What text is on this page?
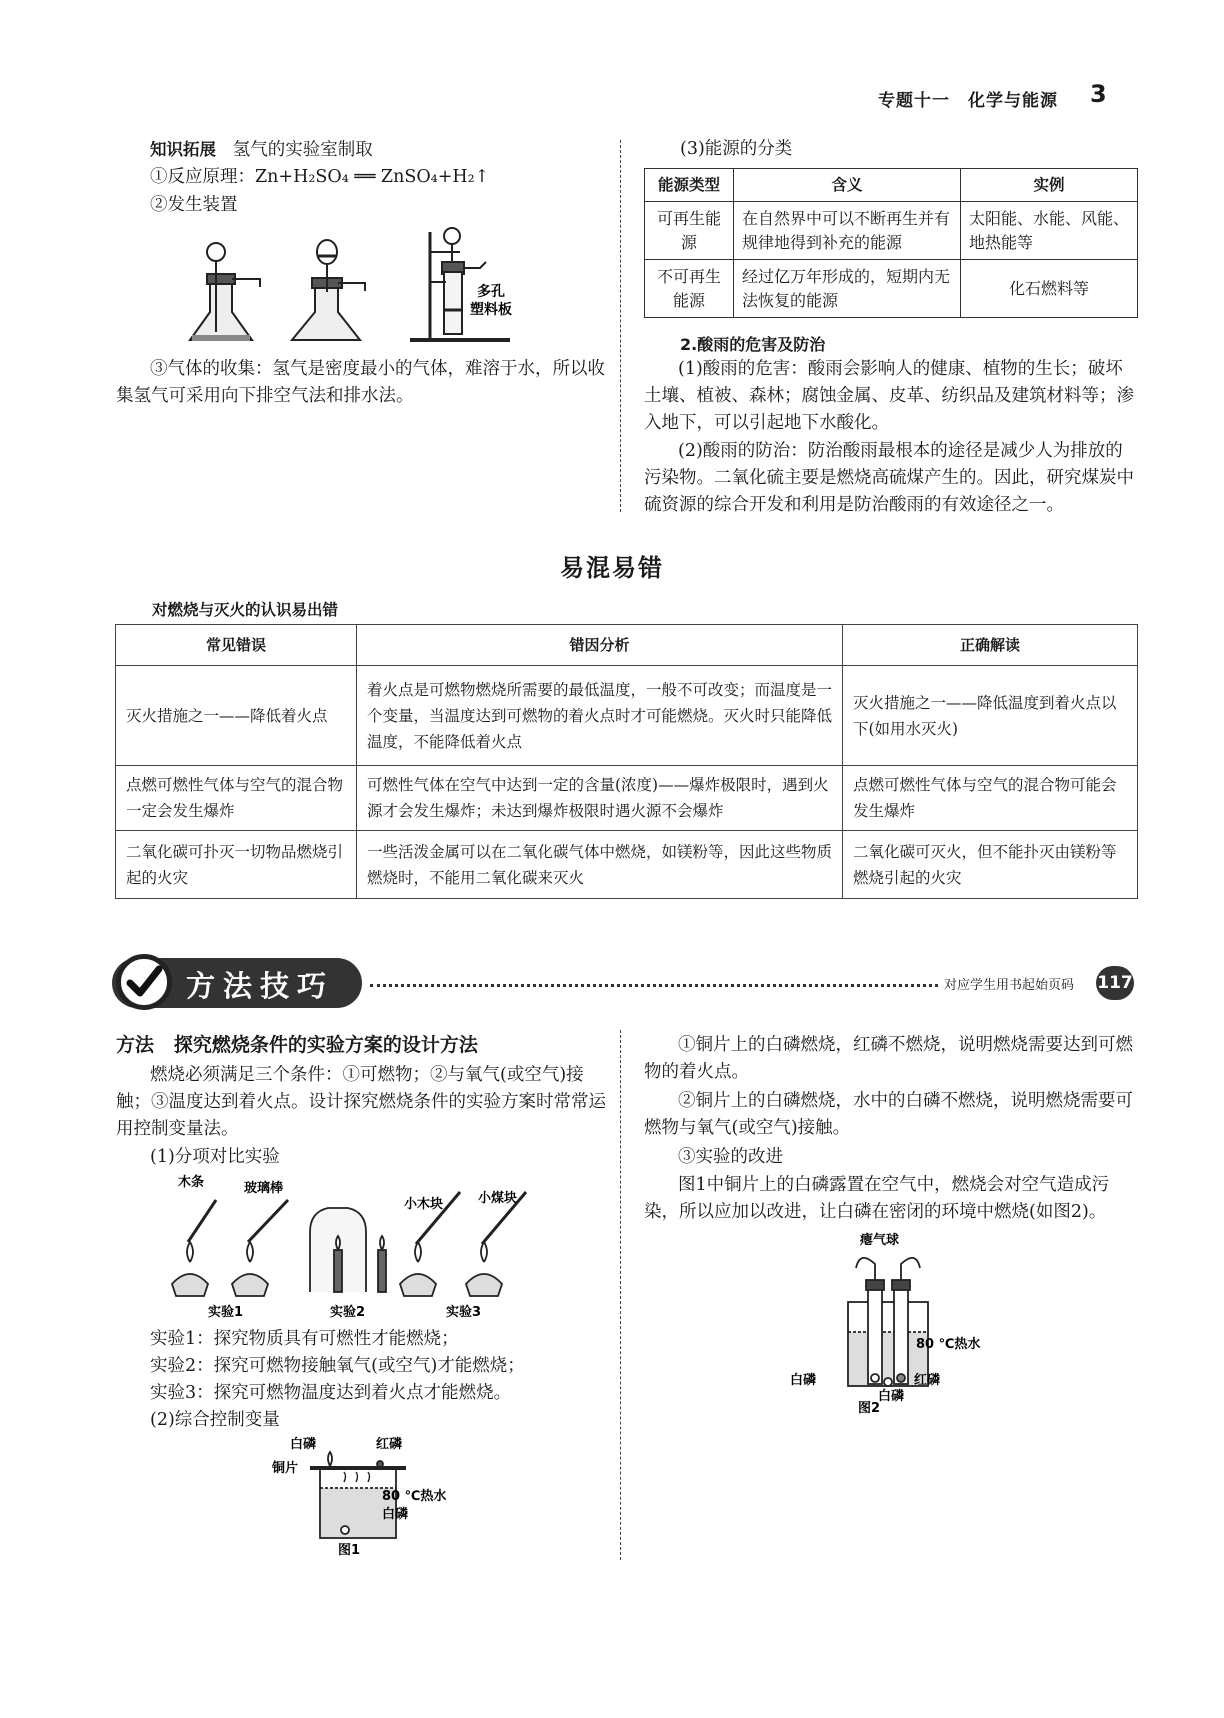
专题十一　化学与能源 3
知识拓展 氢气的实验室制取
①反应原理：Zn+H₂SO₄ ══ ZnSO₄+H₂↑
②发生装置
多孔
塑料板
③气体的收集：氢气是密度最小的气体，难溶于水，所以收
集氢气可采用向下排空气法和排水法。
(3)能源的分类
能源类型	含义	实例
可再生能源	在自然界中可以不断再生并有规律地得到补充的能源	太阳能、水能、风能、地热能等
不可再生能源	经过亿万年形成的，短期内无法恢复的能源	化石燃料等
2.酸雨的危害及防治
(1)酸雨的危害：酸雨会影响人的健康、植物的生长；破坏土壤、植被、森林；腐蚀金属、皮革、纺织品及建筑材料等；渗入地下，可以引起地下水酸化。
(2)酸雨的防治：防治酸雨最根本的途径是减少人为排放的污染物。二氧化硫主要是燃烧高硫煤产生的。因此，研究煤炭中硫资源的综合开发和利用是防治酸雨的有效途径之一。
易混易错
对燃烧与灭火的认识易出错
常见错误	错因分析	正确解读
灭火措施之一——降低着火点	着火点是可燃物燃烧所需要的最低温度，一般不可改变；而温度是一个变量，当温度达到可燃物的着火点时才可能燃烧。灭火时只能降低温度，不能降低着火点	灭火措施之一——降低温度到着火点以下(如用水灭火)
点燃可燃性气体与空气的混合物一定会发生爆炸	可燃性气体在空气中达到一定的含量(浓度)——爆炸极限时，遇到火源才会发生爆炸；未达到爆炸极限时遇火源不会爆炸	点燃可燃性气体与空气的混合物可能会发生爆炸
二氧化碳可扑灭一切物品燃烧引起的火灾	一些活泼金属可以在二氧化碳气体中燃烧，如镁粉等，因此这些物质燃烧时，不能用二氧化碳来灭火	二氧化碳可灭火，但不能扑灭由镁粉等燃烧引起的火灾
方法技巧	对应学生用书起始页码 117
方法 探究燃烧条件的实验方案的设计方法
燃烧必须满足三个条件：①可燃物；②与氧气(或空气)接触；③温度达到着火点。设计探究燃烧条件的实验方案时常常运用控制变量法。
(1)分项对比实验
木条	玻璃棒
小木块	小煤块
实验1	实验2	实验3
实验1：探究物质具有可燃性才能燃烧；
实验2：探究可燃物接触氧气(或空气)才能燃烧；
实验3：探究可燃物温度达到着火点才能燃烧。
(2)综合控制变量
白磷	红磷
铜片
80 ℃热水
白磷
图1
①铜片上的白磷燃烧，红磷不燃烧，说明燃烧需要达到可燃物的着火点。
②铜片上的白磷燃烧，水中的白磷不燃烧，说明燃烧需要可燃物与氧气(或空气)接触。
③实验的改进
图1中铜片上的白磷露置在空气中，燃烧会对空气造成污染，所以应加以改进，让白磷在密闭的环境中燃烧(如图2)。
瘪气球
80 ℃热水
白磷	红磷
白磷
图2
